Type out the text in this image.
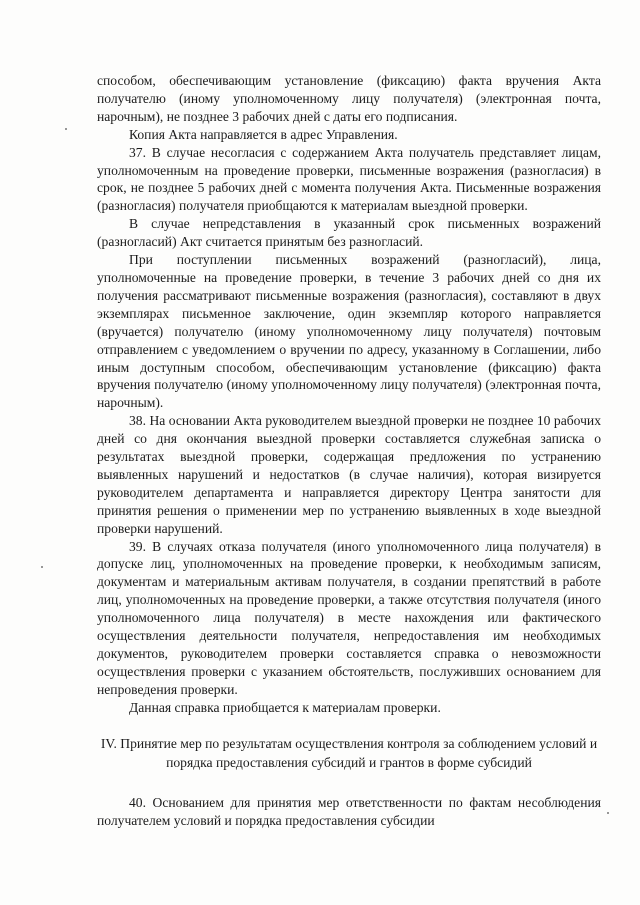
способом, обеспечивающим установление (фиксацию) факта вручения Акта получателю (иному уполномоченному лицу получателя) (электронная почта, нарочным), не позднее 3 рабочих дней с даты его подписания.

Копия Акта направляется в адрес Управления.

37. В случае несогласия с содержанием Акта получатель представляет лицам, уполномоченным на проведение проверки, письменные возражения (разногласия) в срок, не позднее 5 рабочих дней с момента получения Акта. Письменные возражения (разногласия) получателя приобщаются к материалам выездной проверки.

В случае непредставления в указанный срок письменных возражений (разногласий) Акт считается принятым без разногласий.

При поступлении письменных возражений (разногласий), лица, уполномоченные на проведение проверки, в течение 3 рабочих дней со дня их получения рассматривают письменные возражения (разногласия), составляют в двух экземплярах письменное заключение, один экземпляр которого направляется (вручается) получателю (иному уполномоченному лицу получателя) почтовым отправлением с уведомлением о вручении по адресу, указанному в Соглашении, либо иным доступным способом, обеспечивающим установление (фиксацию) факта вручения получателю (иному уполномоченному лицу получателя) (электронная почта, нарочным).

38. На основании Акта руководителем выездной проверки не позднее 10 рабочих дней со дня окончания выездной проверки составляется служебная записка о результатах выездной проверки, содержащая предложения по устранению выявленных нарушений и недостатков (в случае наличия), которая визируется руководителем департамента и направляется директору Центра занятости для принятия решения о применении мер по устранению выявленных в ходе выездной проверки нарушений.

39. В случаях отказа получателя (иного уполномоченного лица получателя) в допуске лиц, уполномоченных на проведение проверки, к необходимым записям, документам и материальным активам получателя, в создании препятствий в работе лиц, уполномоченных на проведение проверки, а также отсутствия получателя (иного уполномоченного лица получателя) в месте нахождения или фактического осуществления деятельности получателя, непредоставления им необходимых документов, руководителем проверки составляется справка о невозможности осуществления проверки с указанием обстоятельств, послуживших основанием для непроведения проверки.

Данная справка приобщается к материалам проверки.

IV. Принятие мер по результатам осуществления контроля за соблюдением условий и порядка предоставления субсидий и грантов в форме субсидий

40. Основанием для принятия мер ответственности по фактам несоблюдения получателем условий и порядка предоставления субсидии
